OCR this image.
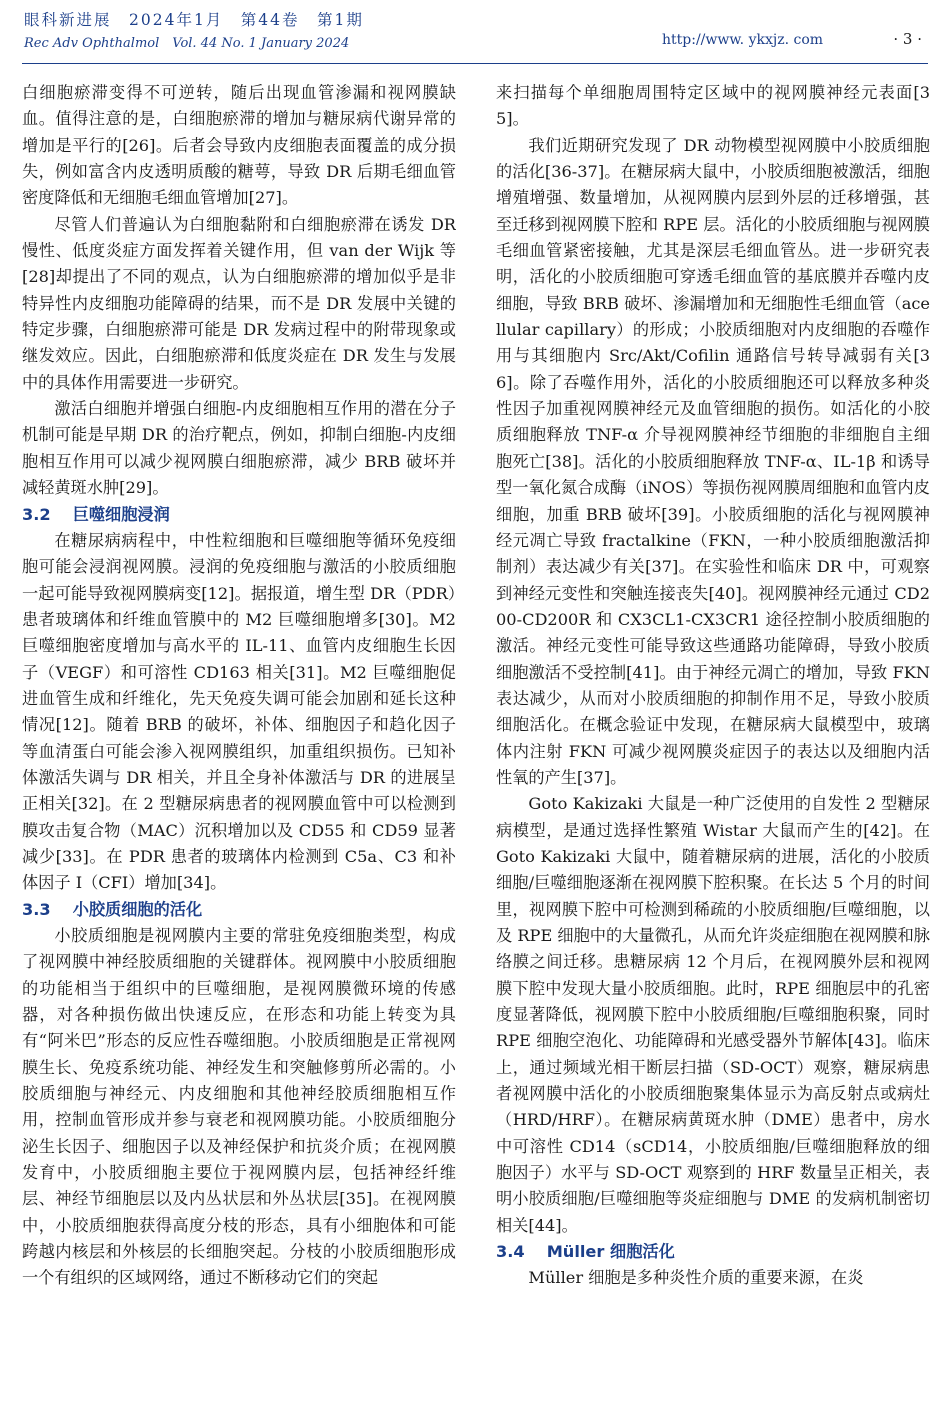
眼科新进展　2024年1月　第44卷　第1期
Rec Adv Ophthalmol　Vol. 44 No. 1 January 2024	http://www. ykxjz. com	· 3 ·

白细胞瘀滞变得不可逆转，随后出现血管渗漏和视网膜缺血。值得注意的是，白细胞瘀滞的增加与糖尿病代谢异常的增加是平行的[26]。后者会导致内皮细胞表面覆盖的成分损失，例如富含内皮透明质酸的糖萼，导致 DR 后期毛细血管密度降低和无细胞毛细血管增加[27]。

尽管人们普遍认为白细胞黏附和白细胞瘀滞在诱发 DR 慢性、低度炎症方面发挥着关键作用，但 van der Wijk 等[28]却提出了不同的观点，认为白细胞瘀滞的增加似乎是非特异性内皮细胞功能障碍的结果，而不是 DR 发展中关键的特定步骤，白细胞瘀滞可能是 DR 发病过程中的附带现象或继发效应。因此，白细胞瘀滞和低度炎症在 DR 发生与发展中的具体作用需要进一步研究。

激活白细胞并增强白细胞-内皮细胞相互作用的潜在分子机制可能是早期 DR 的治疗靶点，例如，抑制白细胞-内皮细胞相互作用可以减少视网膜白细胞瘀滞，减少 BRB 破坏并减轻黄斑水肿[29]。

3.2 巨噬细胞浸润

在糖尿病病程中，中性粒细胞和巨噬细胞等循环免疫细胞可能会浸润视网膜。浸润的免疫细胞与激活的小胶质细胞一起可能导致视网膜病变[12]。据报道，增生型 DR（PDR）患者玻璃体和纤维血管膜中的 M2 巨噬细胞增多[30]。M2 巨噬细胞密度增加与高水平的 IL-11、血管内皮细胞生长因子（VEGF）和可溶性 CD163 相关[31]。M2 巨噬细胞促进血管生成和纤维化，先天免疫失调可能会加剧和延长这种情况[12]。随着 BRB 的破坏，补体、细胞因子和趋化因子等血清蛋白可能会渗入视网膜组织，加重组织损伤。已知补体激活失调与 DR 相关，并且全身补体激活与 DR 的进展呈正相关[32]。在 2 型糖尿病患者的视网膜血管中可以检测到膜攻击复合物（MAC）沉积增加以及 CD55 和 CD59 显著减少[33]。在 PDR 患者的玻璃体内检测到 C5a、C3 和补体因子 I（CFI）增加[34]。

3.3 小胶质细胞的活化

小胶质细胞是视网膜内主要的常驻免疫细胞类型，构成了视网膜中神经胶质细胞的关键群体。视网膜中小胶质细胞的功能相当于组织中的巨噬细胞，是视网膜微环境的传感器，对各种损伤做出快速反应，在形态和功能上转变为具有“阿米巴”形态的反应性吞噬细胞。小胶质细胞是正常视网膜生长、免疫系统功能、神经发生和突触修剪所必需的。小胶质细胞与神经元、内皮细胞和其他神经胶质细胞相互作用，控制血管形成并参与衰老和视网膜功能。小胶质细胞分泌生长因子、细胞因子以及神经保护和抗炎介质；在视网膜发育中，小胶质细胞主要位于视网膜内层，包括神经纤维层、神经节细胞层以及内丛状层和外丛状层[35]。在视网膜中，小胶质细胞获得高度分枝的形态，具有小细胞体和可能跨越内核层和外核层的长细胞突起。分枝的小胶质细胞形成一个有组织的区域网络，通过不断移动它们的突起

来扫描每个单细胞周围特定区域中的视网膜神经元表面[35]。

我们近期研究发现了 DR 动物模型视网膜中小胶质细胞的活化[36-37]。在糖尿病大鼠中，小胶质细胞被激活，细胞增殖增强、数量增加，从视网膜内层到外层的迁移增强，甚至迁移到视网膜下腔和 RPE 层。活化的小胶质细胞与视网膜毛细血管紧密接触，尤其是深层毛细血管丛。进一步研究表明，活化的小胶质细胞可穿透毛细血管的基底膜并吞噬内皮细胞，导致 BRB 破坏、渗漏增加和无细胞性毛细血管（acellular capillary）的形成；小胶质细胞对内皮细胞的吞噬作用与其细胞内 Src/Akt/Cofilin 通路信号转导减弱有关[36]。除了吞噬作用外，活化的小胶质细胞还可以释放多种炎性因子加重视网膜神经元及血管细胞的损伤。如活化的小胶质细胞释放 TNF-α 介导视网膜神经节细胞的非细胞自主细胞死亡[38]。活化的小胶质细胞释放 TNF-α、IL-1β 和诱导型一氧化氮合成酶（iNOS）等损伤视网膜周细胞和血管内皮细胞，加重 BRB 破坏[39]。小胶质细胞的活化与视网膜神经元凋亡导致 fractalkine（FKN，一种小胶质细胞激活抑制剂）表达减少有关[37]。在实验性和临床 DR 中，可观察到神经元变性和突触连接丧失[40]。视网膜神经元通过 CD200-CD200R 和 CX3CL1-CX3CR1 途径控制小胶质细胞的激活。神经元变性可能导致这些通路功能障碍，导致小胶质细胞激活不受控制[41]。由于神经元凋亡的增加，导致 FKN 表达减少，从而对小胶质细胞的抑制作用不足，导致小胶质细胞活化。在概念验证中发现，在糖尿病大鼠模型中，玻璃体内注射 FKN 可减少视网膜炎症因子的表达以及细胞内活性氧的产生[37]。

Goto Kakizaki 大鼠是一种广泛使用的自发性 2 型糖尿病模型，是通过选择性繁殖 Wistar 大鼠而产生的[42]。在 Goto Kakizaki 大鼠中，随着糖尿病的进展，活化的小胶质细胞/巨噬细胞逐渐在视网膜下腔积聚。在长达 5 个月的时间里，视网膜下腔中可检测到稀疏的小胶质细胞/巨噬细胞，以及 RPE 细胞中的大量微孔，从而允许炎症细胞在视网膜和脉络膜之间迁移。患糖尿病 12 个月后，在视网膜外层和视网膜下腔中发现大量小胶质细胞。此时，RPE 细胞层中的孔密度显著降低，视网膜下腔中小胶质细胞/巨噬细胞积聚，同时 RPE 细胞空泡化、功能障碍和光感受器外节解体[43]。临床上，通过频域光相干断层扫描（SD-OCT）观察，糖尿病患者视网膜中活化的小胶质细胞聚集体显示为高反射点或病灶（HRD/HRF）。在糖尿病黄斑水肿（DME）患者中，房水中可溶性 CD14（sCD14，小胶质细胞/巨噬细胞释放的细胞因子）水平与 SD-OCT 观察到的 HRF 数量呈正相关，表明小胶质细胞/巨噬细胞等炎症细胞与 DME 的发病机制密切相关[44]。

3.4 Müller 细胞活化

Müller 细胞是多种炎性介质的重要来源，在炎
